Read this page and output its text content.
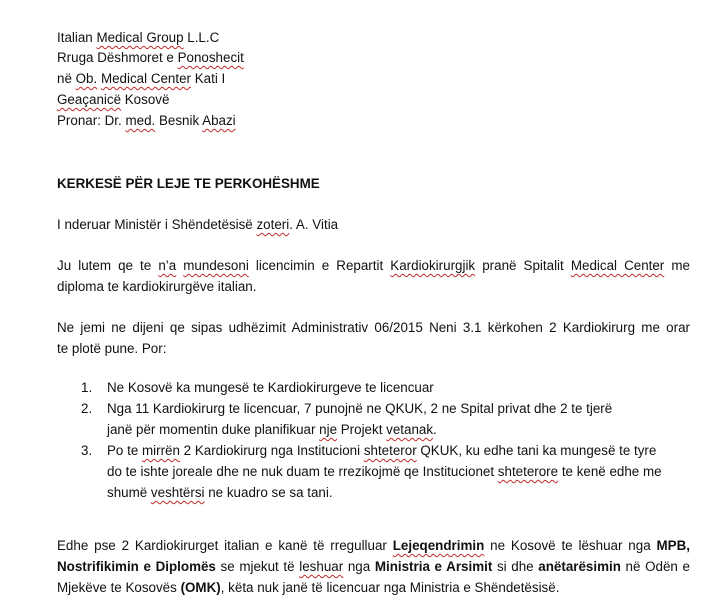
Italian Medical Group L.L.C
Rruga Dëshmoret e Ponoshecit
në Ob. Medical Center Kati I
Geaçanicë Kosovë
Pronar: Dr. med. Besnik Abazi
KERKESË PËR LEJE TE PERKOHËSHME
I nderuar Ministër i Shëndetësisë zoteri. A. Vitia
Ju lutem qe te n’a mundesoni licencimin e Repartit Kardiokirurgjik pranë Spitalit Medical Center me
diploma te kardiokirurgëve italian.
Ne jemi ne dijeni qe sipas udhëzimit Administrativ 06/2015 Neni 3.1 kërkohen 2 Kardiokirurg me orar
te plotë pune. Por:
1. Ne Kosovë ka mungesë te Kardiokirurgeve te licencuar
2. Nga 11 Kardiokirurg te licencuar, 7 punojnë ne QKUK, 2 ne Spital privat dhe 2 te tjerë
janë për momentin duke planifikuar nje Projekt vetanak.
3. Po te mirrën 2 Kardiokirurg nga Institucioni shteteror QKUK, ku edhe tani ka mungesë te tyre
do te ishte joreale dhe ne nuk duam te rrezikojmë qe Institucionet shteterore te kenë edhe me
shumë veshtërsi ne kuadro se sa tani.
Edhe pse 2 Kardiokirurget italian e kanë të rregulluar Lejeqendrimin ne Kosovë te lëshuar nga MPB,
Nostrifikimin e Diplomës se mjekut të leshuar nga Ministria e Arsimit si dhe anëtarësimin në Odën e
Mjekëve te Kosovës (OMK), këta nuk janë të licencuar nga Ministria e Shëndetësisë.
